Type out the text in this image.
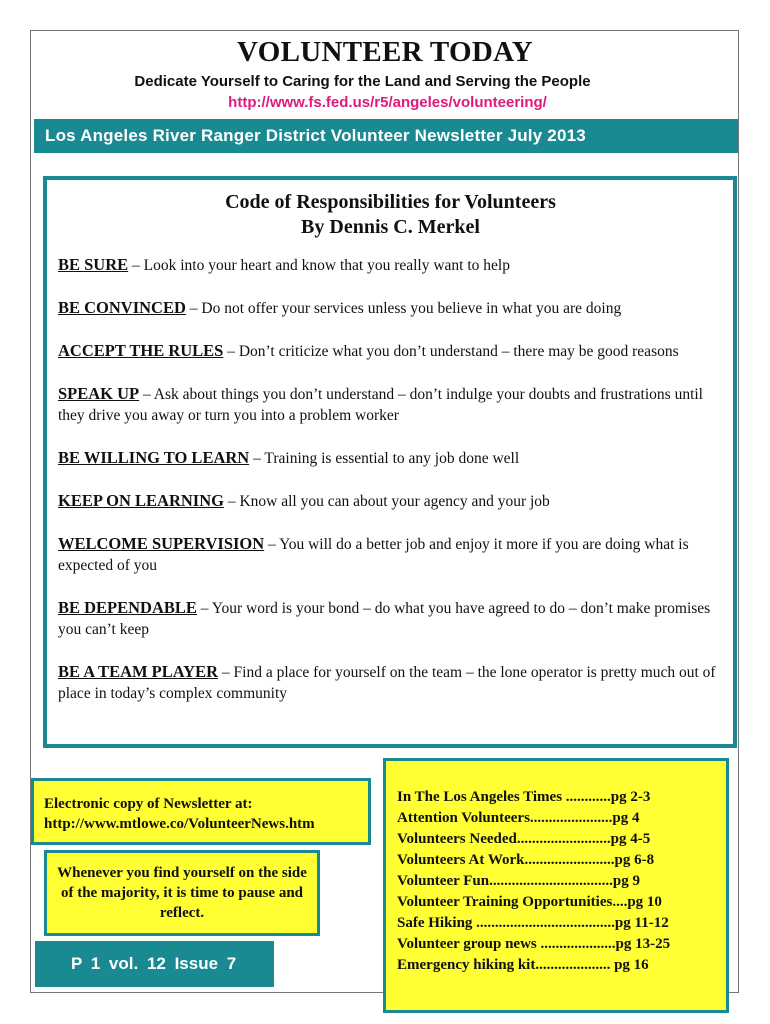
VOLUNTEER TODAY
Dedicate Yourself to Caring for the Land and Serving the People
http://www.fs.fed.us/r5/angeles/volunteering/
Los Angeles River Ranger District Volunteer Newsletter July 2013
Code of Responsibilities for Volunteers
By Dennis C. Merkel

BE SURE – Look into your heart and know that you really want to help

BE CONVINCED – Do not offer your services unless you believe in what you are doing

ACCEPT THE RULES – Don’t criticize what you don’t understand – there may be good reasons

SPEAK UP – Ask about things you don’t understand – don’t indulge your doubts and frustrations until they drive you away or turn you into a problem worker

BE WILLING TO LEARN – Training is essential to any job done well

KEEP ON LEARNING – Know all you can about your agency and your job

WELCOME SUPERVISION – You will do a better job and enjoy it more if you are doing what is expected of you

BE DEPENDABLE – Your word is your bond – do what you have agreed to do – don’t make promises you can’t keep

BE A TEAM PLAYER – Find a place for yourself on the team – the lone operator is pretty much out of place in today’s complex community

Electronic copy of Newsletter at:
http://www.mtlowe.co/VolunteerNews.htm
Whenever you find yourself on the side of the majority, it is time to pause and reflect.
P 1 vol. 12 Issue 7
In The Los Angeles Times ............pg 2-3
Attention Volunteers......................pg 4
Volunteers Needed.........................pg 4-5
Volunteers At Work........................pg 6-8
Volunteer Fun.................................pg 9
Volunteer Training Opportunities....pg 10
Safe Hiking .....................................pg 11-12
Volunteer group news ....................pg 13-25
Emergency hiking kit.................... pg 16
